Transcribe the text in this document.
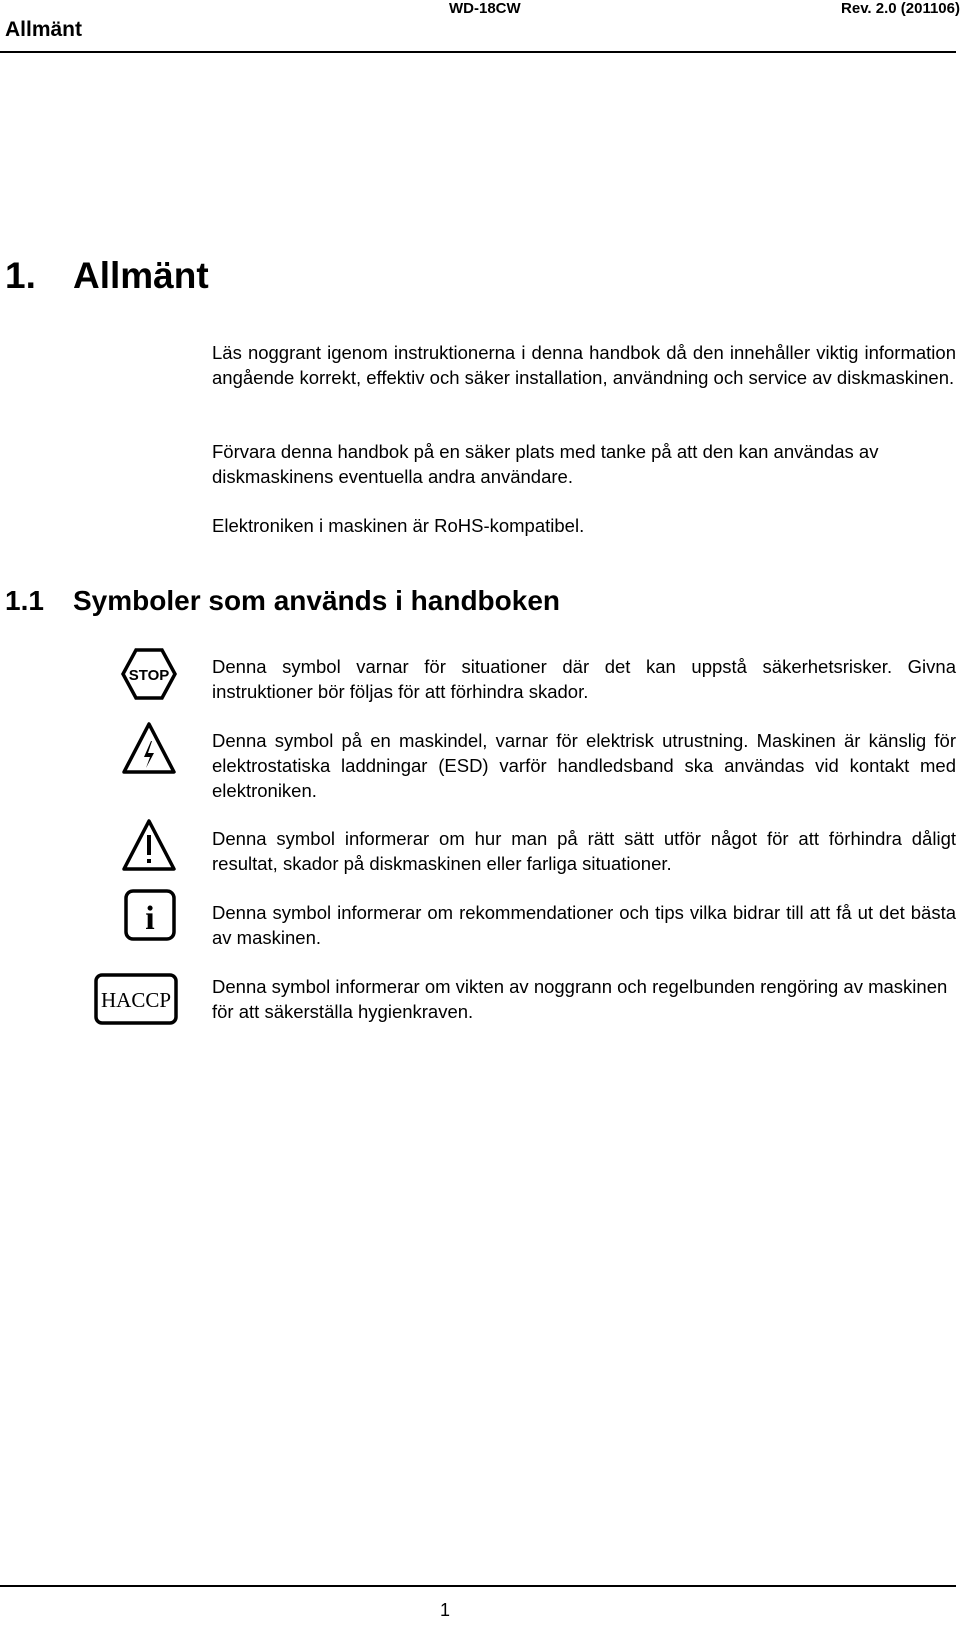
Allmänt
WD-18CW	Rev. 2.0 (201106)
1. Allmänt
Läs noggrant igenom instruktionerna i denna handbok då den innehåller viktig information angående korrekt, effektiv och säker installation, användning och service av diskmaskinen.
Förvara denna handbok på en säker plats med tanke på att den kan användas av diskmaskinens eventuella andra användare.
Elektroniken i maskinen är RoHS-kompatibel.
1.1 Symboler som används i handboken
STOP Denna symbol varnar för situationer där det kan uppstå säkerhetsrisker. Givna instruktioner bör följas för att förhindra skador.
Denna symbol på en maskindel, varnar för elektrisk utrustning. Maskinen är känslig för elektrostatiska laddningar (ESD) varför handledsband ska användas vid kontakt med elektroniken.
Denna symbol informerar om hur man på rätt sätt utför något för att förhindra dåligt resultat, skador på diskmaskinen eller farliga situationer.
i	Denna symbol informerar om rekommendationer och tips vilka bidrar till att få ut det bästa av maskinen.
HACCP
Denna symbol informerar om vikten av noggrann och regelbunden rengöring av maskinen för att säkerställa hygienkraven.
1
